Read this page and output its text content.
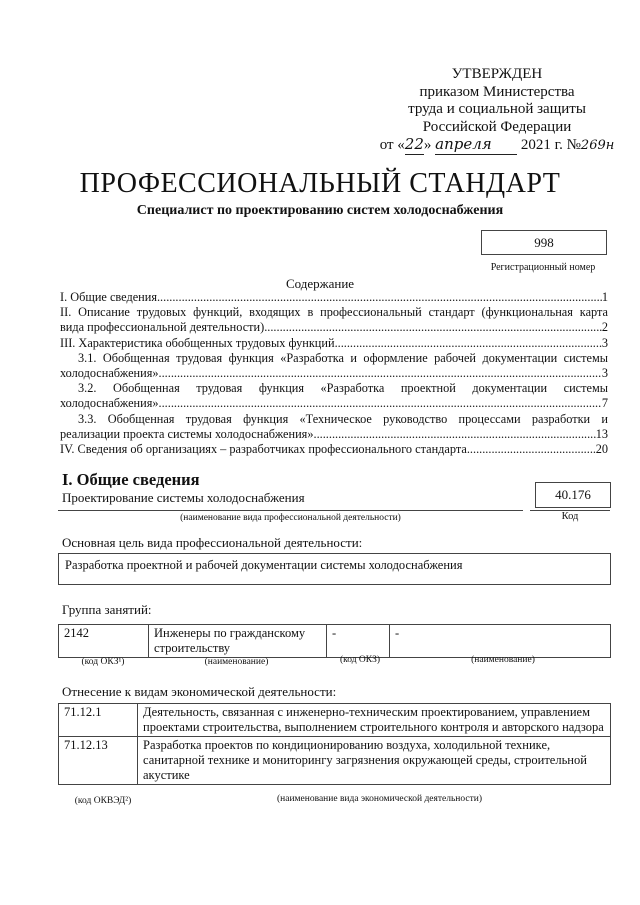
УТВЕРЖДЕН
приказом Министерства
труда и социальной защиты
Российской Федерации
от «22» апреля 2021 г. №269н
ПРОФЕССИОНАЛЬНЫЙ СТАНДАРТ
Специалист по проектированию систем холодоснабжения
998
Регистрационный номер
Содержание
I. Общие сведения .....	1
II. Описание трудовых функций, входящих в профессиональный стандарт (функциональная карта
вида профессиональной деятельности) .....	2
III. Характеристика обобщенных трудовых функций .....	3
3.1. Обобщенная трудовая функция «Разработка и оформление рабочей документации системы
холодоснабжения» .....	3
3.2. Обобщенная трудовая функция «Разработка проектной документации системы
холодоснабжения» .....	7
3.3. Обобщенная трудовая функция «Техническое руководство процессами разработки и
реализации проекта системы холодоснабжения» .....	13
IV. Сведения об организациях – разработчиках профессионального стандарта .....	20
I. Общие сведения
Проектирование системы холодоснабжения	40.176
(наименование вида профессиональной деятельности)	Код
Основная цель вида профессиональной деятельности:
Разработка проектной и рабочей документации системы холодоснабжения
Группа занятий:
2142	Инженеры по гражданскому строительству	-	-
(код ОКЗ¹)	(наименование)	(код ОКЗ)	(наименование)
Отнесение к видам экономической деятельности:
71.12.1	Деятельность, связанная с инженерно-техническим проектированием, управлением проектами строительства, выполнением строительного контроля и авторского надзора
71.12.13	Разработка проектов по кондиционированию воздуха, холодильной технике, санитарной технике и мониторингу загрязнения окружающей среды, строительной акустике
(код ОКВЭД²)	(наименование вида экономической деятельности)
